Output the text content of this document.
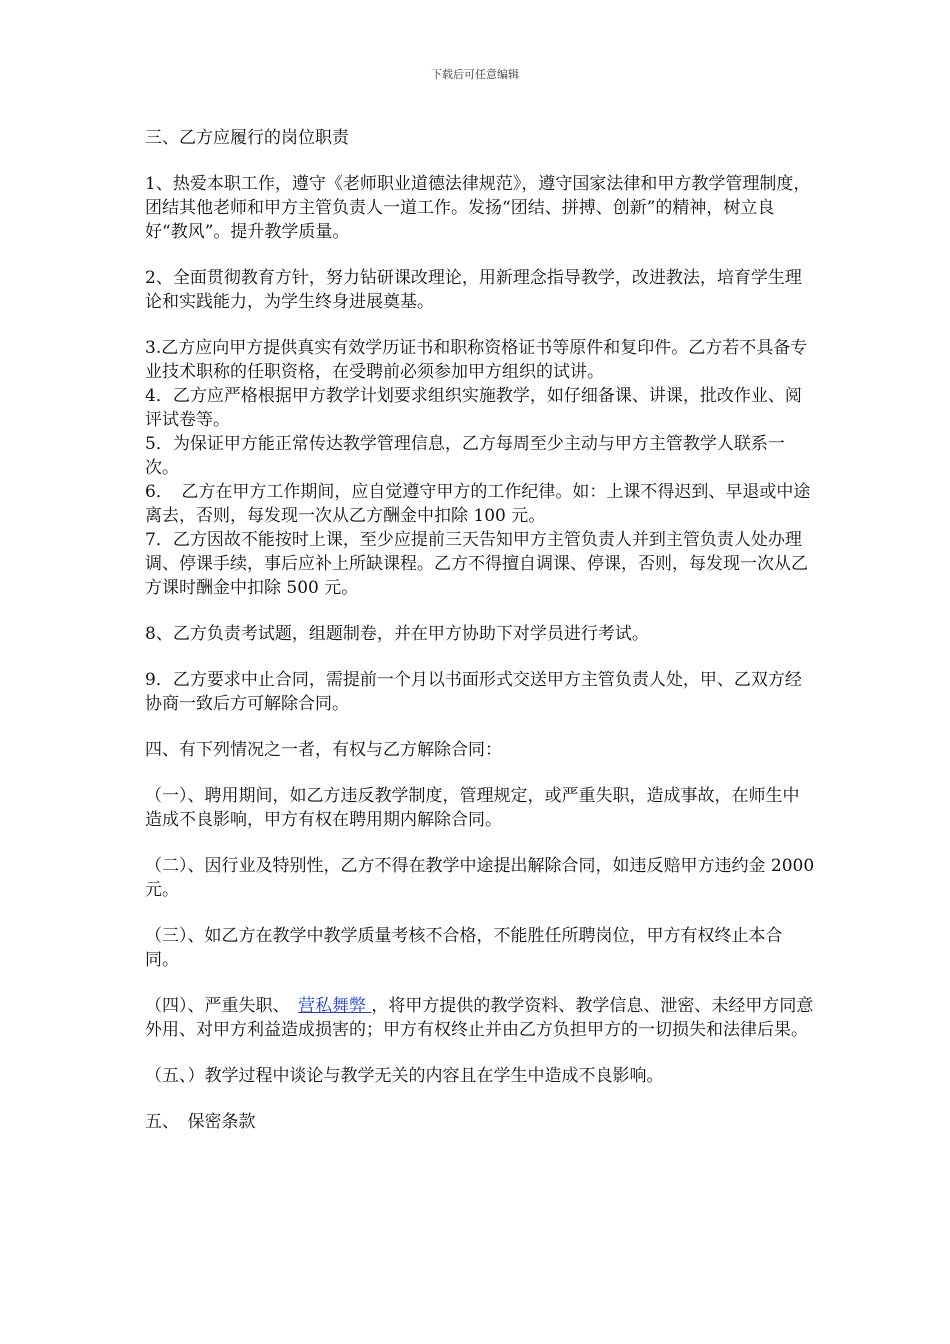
下载后可任意编辑

三、乙方应履行的岗位职责

1、热爱本职工作，遵守《老师职业道德法律规范》，遵守国家法律和甲方教学管理制度，团结其他老师和甲方主管负责人一道工作。发扬“团结、拼搏、创新”的精神，树立良好“教风”。提升教学质量。

2、全面贯彻教育方针，努力钻研课改理论，用新理念指导教学，改进教法，培育学生理论和实践能力，为学生终身进展奠基。

3.乙方应向甲方提供真实有效学历证书和职称资格证书等原件和复印件。乙方若不具备专业技术职称的任职资格，在受聘前必须参加甲方组织的试讲。

4．乙方应严格根据甲方教学计划要求组织实施教学，如仔细备课、讲课，批改作业、阅评试卷等。

5．为保证甲方能正常传达教学管理信息，乙方每周至少主动与甲方主管教学人联系一次。

6．　乙方在甲方工作期间，应自觉遵守甲方的工作纪律。如：上课不得迟到、早退或中途离去，否则，每发现一次从乙方酬金中扣除 100 元。

7．乙方因故不能按时上课，至少应提前三天告知甲方主管负责人并到主管负责人处办理调、停课手续，事后应补上所缺课程。乙方不得擅自调课、停课，否则，每发现一次从乙方课时酬金中扣除 500 元。

8、乙方负责考试题，组题制卷，并在甲方协助下对学员进行考试。

9．乙方要求中止合同，需提前一个月以书面形式交送甲方主管负责人处，甲、乙双方经协商一致后方可解除合同。

四、有下列情况之一者，有权与乙方解除合同：

（一）、聘用期间，如乙方违反教学制度，管理规定，或严重失职，造成事故，在师生中造成不良影响，甲方有权在聘用期内解除合同。

（二）、因行业及特别性，乙方不得在教学中途提出解除合同，如违反赔甲方违约金 2000 元。

（三）、如乙方在教学中教学质量考核不合格，不能胜任所聘岗位，甲方有权终止本合同。

（四）、严重失职、　营私舞弊 ，将甲方提供的教学资料、教学信息、泄密、未经甲方同意外用、对甲方利益造成损害的；甲方有权终止并由乙方负担甲方的一切损失和法律后果。

（五、）教学过程中谈论与教学无关的内容且在学生中造成不良影响。

五、　保密条款
